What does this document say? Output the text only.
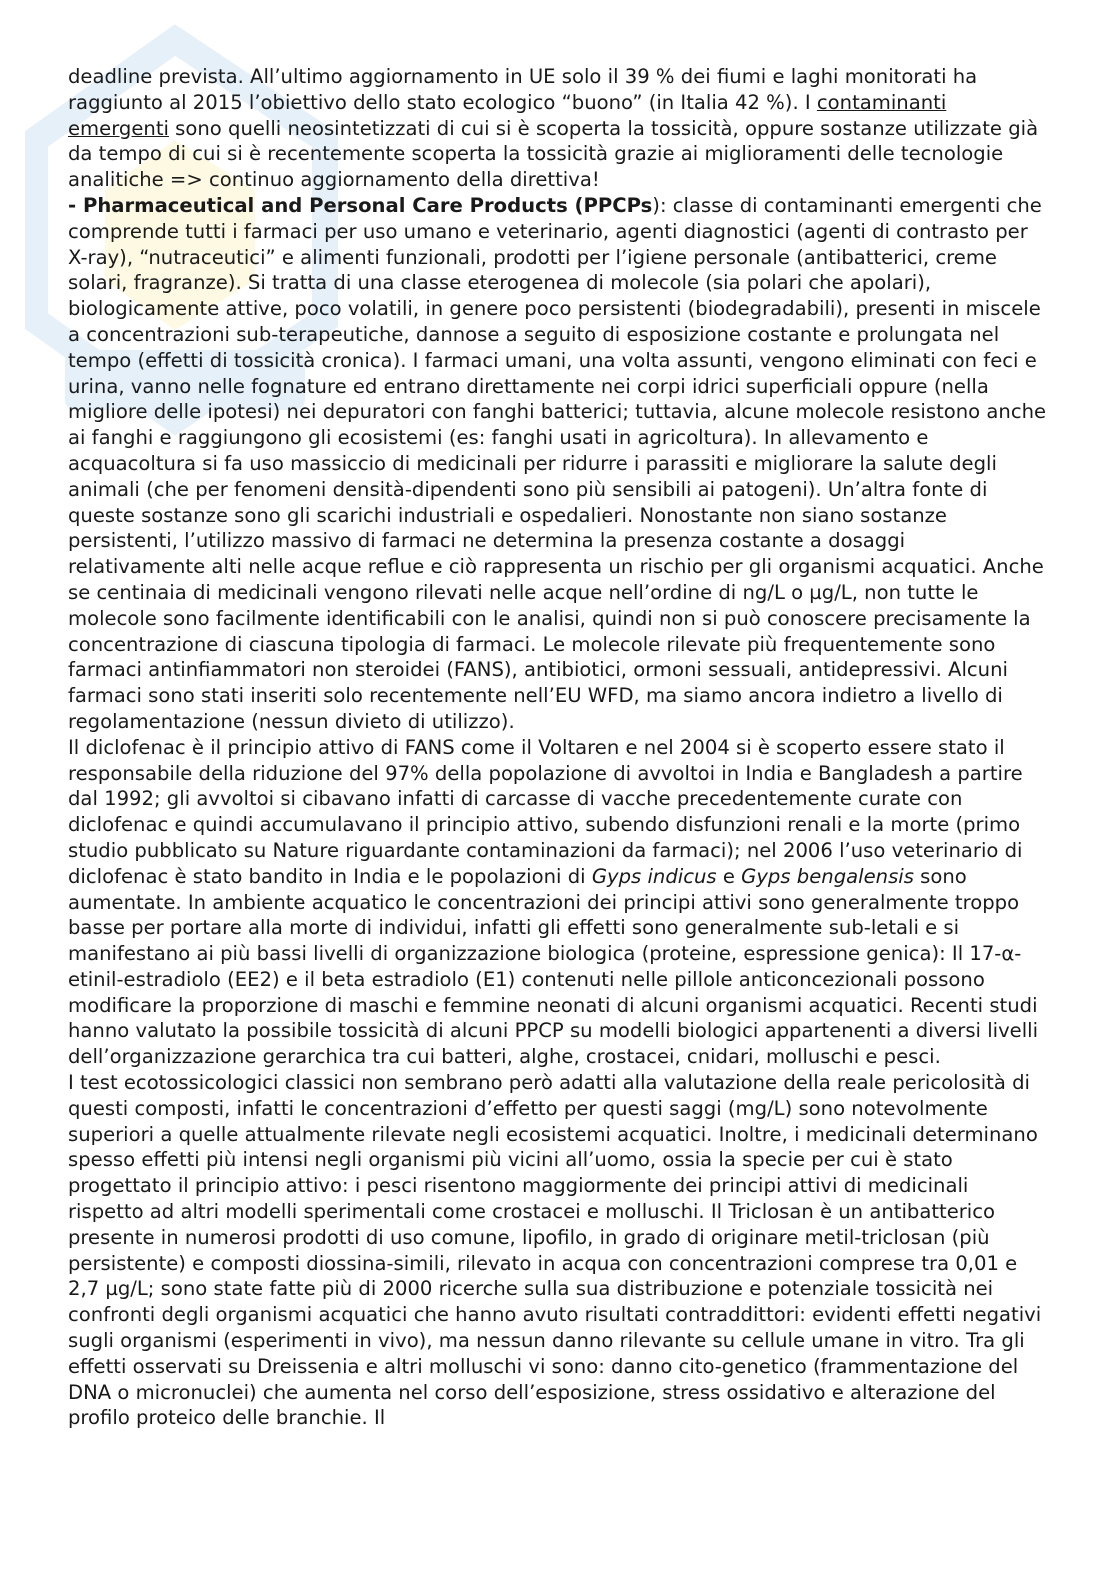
deadline prevista. All’ultimo aggiornamento in UE solo il 39 % dei fiumi e laghi monitorati ha raggiunto al 2015 l’obiettivo dello stato ecologico “buono” (in Italia 42 %). I contaminanti emergenti sono quelli neosintetizzati di cui si è scoperta la tossicità, oppure sostanze utilizzate già da tempo di cui si è recentemente scoperta la tossicità grazie ai miglioramenti delle tecnologie analitiche => continuo aggiornamento della direttiva!

- Pharmaceutical and Personal Care Products (PPCPs): classe di contaminanti emergenti che comprende tutti i farmaci per uso umano e veterinario, agenti diagnostici (agenti di contrasto per X-ray), “nutraceutici” e alimenti funzionali, prodotti per l’igiene personale (antibatterici, creme solari, fragranze). Si tratta di una classe eterogenea di molecole (sia polari che apolari), biologicamente attive, poco volatili, in genere poco persistenti (biodegradabili), presenti in miscele a concentrazioni sub-terapeutiche, dannose a seguito di esposizione costante e prolungata nel tempo (effetti di tossicità cronica). I farmaci umani, una volta assunti, vengono eliminati con feci e urina, vanno nelle fognature ed entrano direttamente nei corpi idrici superficiali oppure (nella migliore delle ipotesi) nei depuratori con fanghi batterici; tuttavia, alcune molecole resistono anche ai fanghi e raggiungono gli ecosistemi (es: fanghi usati in agricoltura). In allevamento e acquacoltura si fa uso massiccio di medicinali per ridurre i parassiti e migliorare la salute degli animali (che per fenomeni densità-dipendenti sono più sensibili ai patogeni). Un’altra fonte di queste sostanze sono gli scarichi industriali e ospedalieri. Nonostante non siano sostanze persistenti, l’utilizzo massivo di farmaci ne determina la presenza costante a dosaggi relativamente alti nelle acque reflue e ciò rappresenta un rischio per gli organismi acquatici. Anche se centinaia di medicinali vengono rilevati nelle acque nell’ordine di ng/L o µg/L, non tutte le molecole sono facilmente identificabili con le analisi, quindi non si può conoscere precisamente la concentrazione di ciascuna tipologia di farmaci. Le molecole rilevate più frequentemente sono farmaci antinfiammatori non steroidei (FANS), antibiotici, ormoni sessuali, antidepressivi. Alcuni farmaci sono stati inseriti solo recentemente nell’EU WFD, ma siamo ancora indietro a livello di regolamentazione (nessun divieto di utilizzo).

Il diclofenac è il principio attivo di FANS come il Voltaren e nel 2004 si è scoperto essere stato il responsabile della riduzione del 97% della popolazione di avvoltoi in India e Bangladesh a partire dal 1992; gli avvoltoi si cibavano infatti di carcasse di vacche precedentemente curate con diclofenac e quindi accumulavano il principio attivo, subendo disfunzioni renali e la morte (primo studio pubblicato su Nature riguardante contaminazioni da farmaci); nel 2006 l’uso veterinario di diclofenac è stato bandito in India e le popolazioni di Gyps indicus e Gyps bengalensis sono aumentate. In ambiente acquatico le concentrazioni dei principi attivi sono generalmente troppo basse per portare alla morte di individui, infatti gli effetti sono generalmente sub-letali e si manifestano ai più bassi livelli di organizzazione biologica (proteine, espressione genica): Il 17-α-etinil-estradiolo (EE2) e il beta estradiolo (E1) contenuti nelle pillole anticoncezionali possono modificare la proporzione di maschi e femmine neonati di alcuni organismi acquatici. Recenti studi hanno valutato la possibile tossicità di alcuni PPCP su modelli biologici appartenenti a diversi livelli dell’organizzazione gerarchica tra cui batteri, alghe, crostacei, cnidari, molluschi e pesci.

I test ecotossicologici classici non sembrano però adatti alla valutazione della reale pericolosità di questi composti, infatti le concentrazioni d’effetto per questi saggi (mg/L) sono notevolmente superiori a quelle attualmente rilevate negli ecosistemi acquatici. Inoltre, i medicinali determinano spesso effetti più intensi negli organismi più vicini all’uomo, ossia la specie per cui è stato progettato il principio attivo: i pesci risentono maggiormente dei principi attivi di medicinali rispetto ad altri modelli sperimentali come crostacei e molluschi. Il Triclosan è un antibatterico presente in numerosi prodotti di uso comune, lipofilo, in grado di originare metil-triclosan (più persistente) e composti diossina-simili, rilevato in acqua con concentrazioni comprese tra 0,01 e 2,7 µg/L; sono state fatte più di 2000 ricerche sulla sua distribuzione e potenziale tossicità nei confronti degli organismi acquatici che hanno avuto risultati contraddittori: evidenti effetti negativi sugli organismi (esperimenti in vivo), ma nessun danno rilevante su cellule umane in vitro. Tra gli effetti osservati su Dreissenia e altri molluschi vi sono: danno cito-genetico (frammentazione del DNA o micronuclei) che aumenta nel corso dell’esposizione, stress ossidativo e alterazione del profilo proteico delle branchie. Il
